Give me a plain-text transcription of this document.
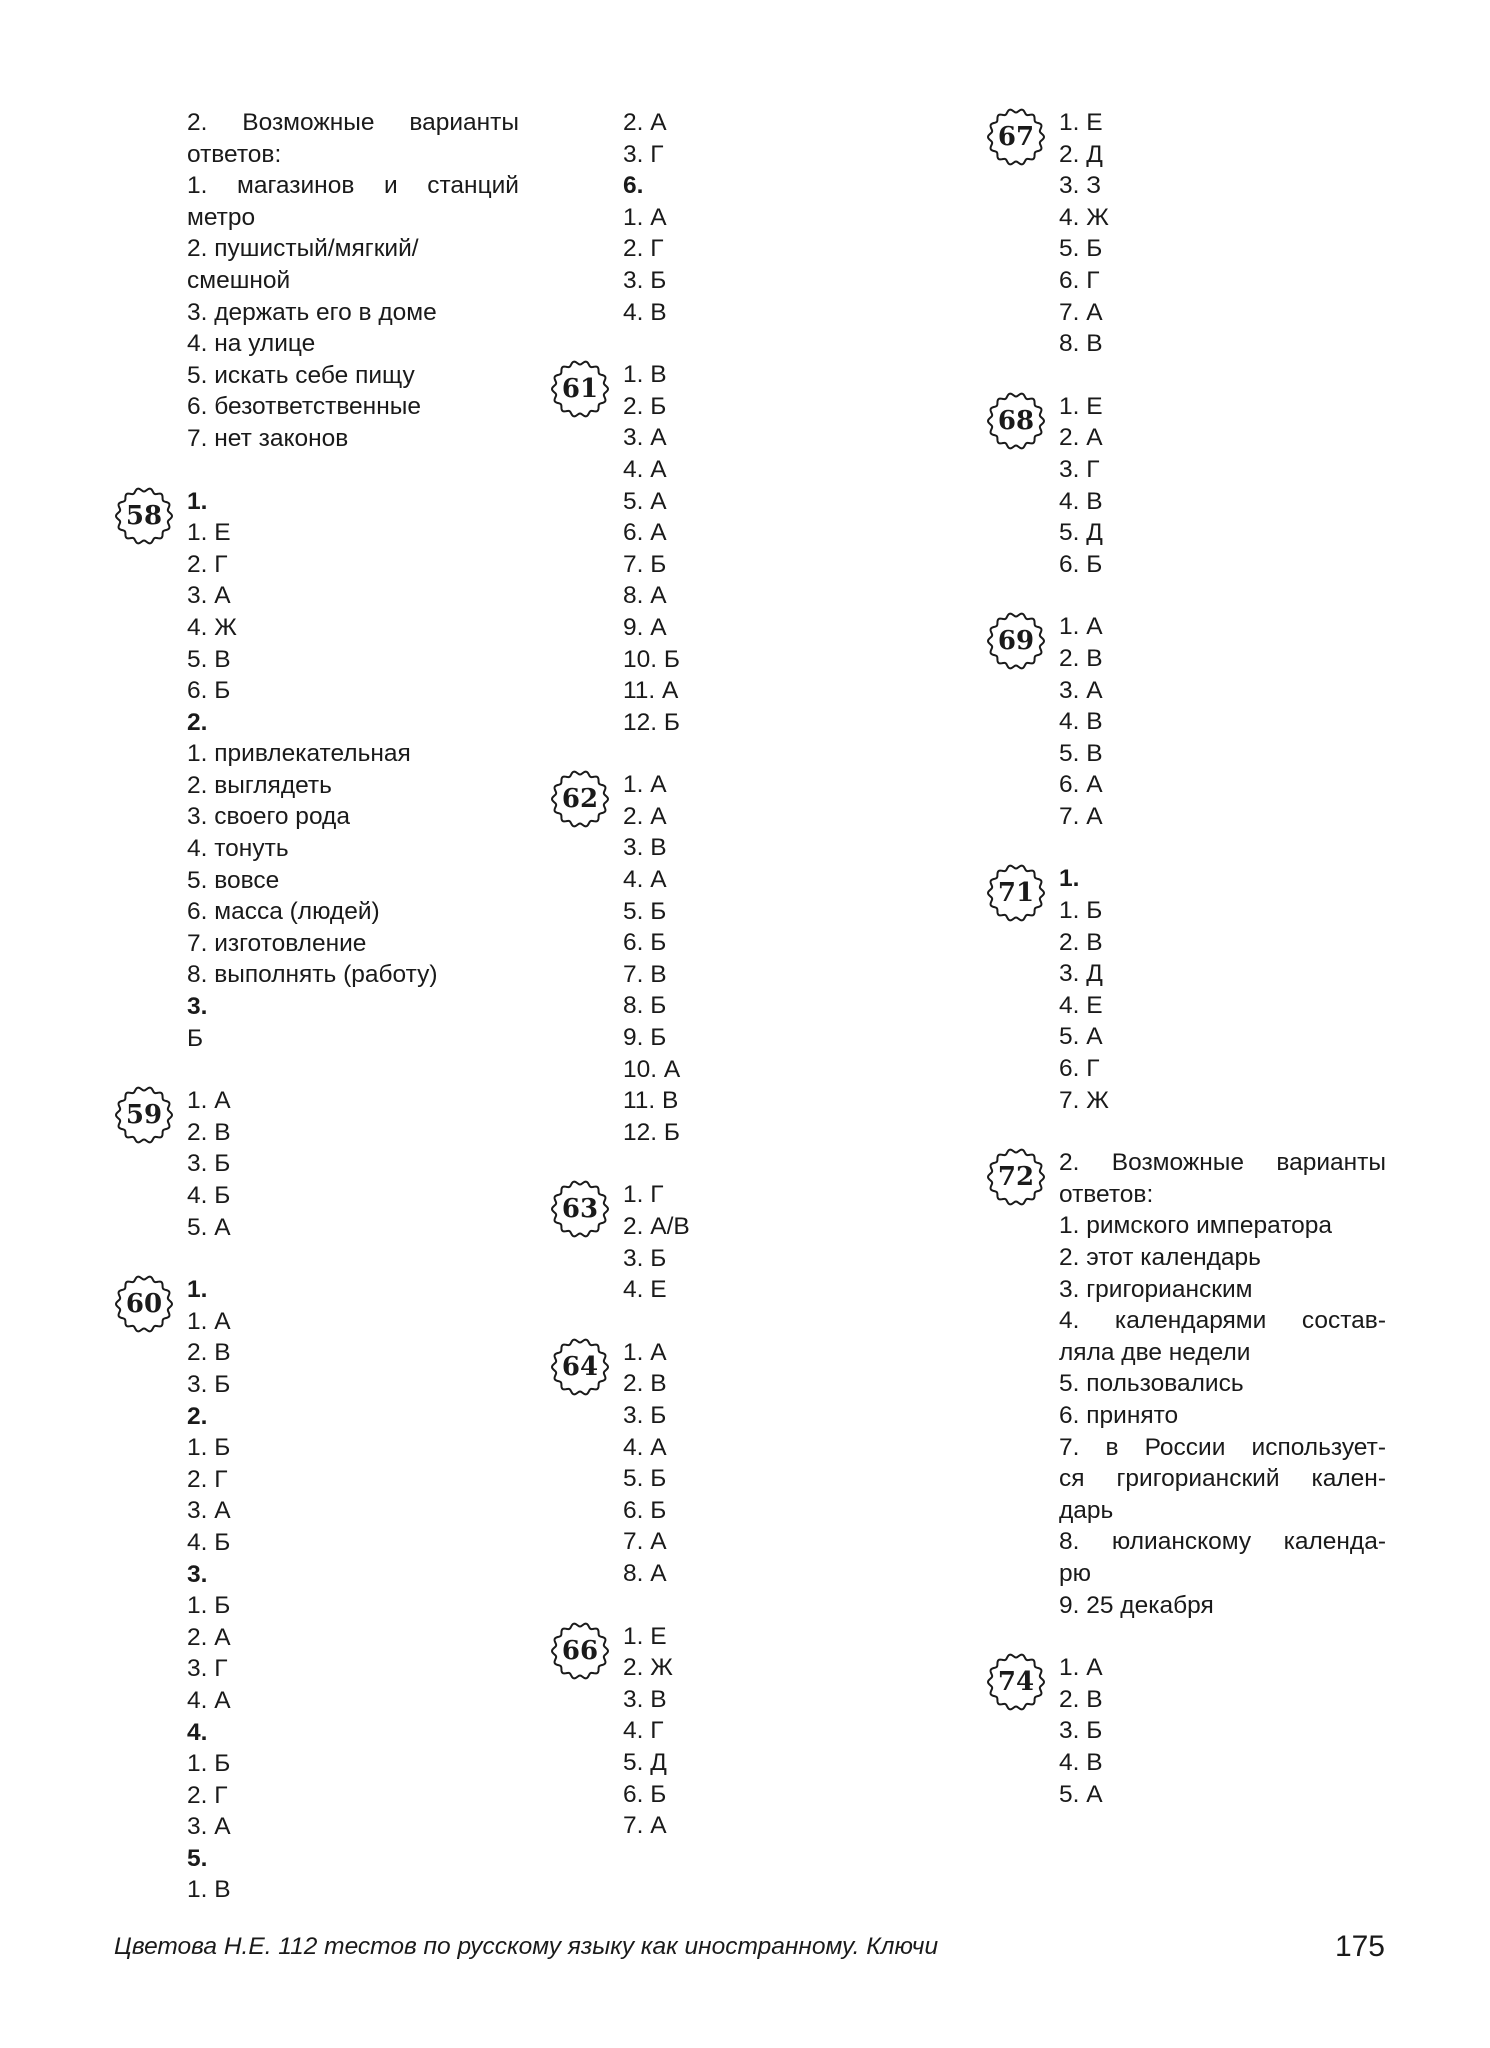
2. Возможные варианты
ответов:
1. магазинов и станций
метро
2. пушистый/мягкий/
смешной
3. держать его в доме
4. на улице
5. искать себе пищу
6. безответственные
7. нет законов
58	1.
1. Е
2. Г
3. А
4. Ж
5. В
6. Б
2.
1. привлекательная
2. выглядеть
3. своего рода
4. тонуть
5. вовсе
6. масса (людей)
7. изготовление
8. выполнять (работу)
3.
Б
59	1. А
2. В
3. Б
4. Б
5. А
60	1.
1. А
2. В
3. Б
2.
1. Б
2. Г
3. А
4. Б
3.
1. Б
2. А
3. Г
4. А
4.
1. Б
2. Г
3. А
5.
1. В
2. А
3. Г
6.
1. А
2. Г
3. Б
4. В
61	1. В
2. Б
3. А
4. А
5. А
6. А
7. Б
8. А
9. А
10. Б
11. А
12. Б
62	1. А
2. А
3. В
4. А
5. Б
6. Б
7. В
8. Б
9. Б
10. А
11. В
12. Б
63	1. Г
2. А/В
3. Б
4. Е
64	1. А
2. В
3. Б
4. А
5. Б
6. Б
7. А
8. А
66	1. Е
2. Ж
3. В
4. Г
5. Д
6. Б
7. А
67	1. Е
2. Д
3. З
4. Ж
5. Б
6. Г
7. А
8. В
68	1. Е
2. А
3. Г
4. В
5. Д
6. Б
69	1. А
2. В
3. А
4. В
5. В
6. А
7. А
71	1.
1. Б
2. В
3. Д
4. Е
5. А
6. Г
7. Ж
72	2. Возможные варианты
ответов:
1. римского императора
2. этот календарь
3. григорианским
4. календарями состав-
ляла две недели
5. пользовались
6. принято
7. в России использует-
ся григорианский кален-
дарь
8. юлианскому календа-
рю
9. 25 декабря
74	1. А
2. В
3. Б
4. В
5. А
Цветова Н.Е. 112 тестов по русскому языку как иностранному. Ключи	175
